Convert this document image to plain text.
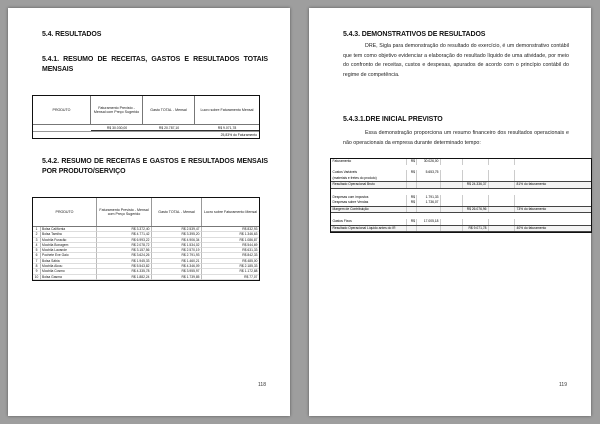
5.4. RESULTADOS
5.4.1. RESUMO DE RECEITAS, GASTOS E RESULTADOS TOTAIS
MENSAIS
PRODUTO
Faturamento Previsto - Mensal com Preço Sugerido
Gasto TOTAL - Mensal	Lucro sobre Faturamento Mensal
R$ 30.030,00	R$ 20.787,10	R$ 9.071,78
25,83%
do Faturamento
5.4.2. RESUMO DE RECEITAS E GASTOS E RESULTADOS MENSAIS
POR PRODUTO/SERVIÇO
PRODUTO
Faturamento Previsto - Mensal com Preço Sugerido
Gasto TOTAL - Mensal	Lucro sobre Faturamento Mensal
1	Bolsa Califórnia	R$ 3.372,40	R$ 2.539,47	R$ 832,93
2	Bolsa Tamiha	R$ 4.771,42	R$ 3.395,20	R$ 1.346,63
3	Mochila Furacão	R$ 6.993,22	R$ 4.906,34	R$ 1.086,87
4	Mochila Bonagem	R$ 2.078,72	R$ 1.534,02	R$ 544,69
5	Mochila Lavande	R$ 3.157,56	R$ 2.570,19	R$ 631,33
6	Pochete Exe Gaio	R$ 3.624,26	R$ 2.791,93	R$ 842,33
7	Bolsa Sábia	R$ 1.945,33	R$ 1.460,21	R$ 485,00
8	Mochila Alcou	R$ 5.543,82	R$ 4.346,09	R$ 2.185,33
9	Mochila Cosmo	R$ 4.335,78	R$ 3.955,97	R$ 1.172,88
10	Bolsa Gasma	R$ 1.882,24	R$ 1.739,85	R$ 77,07
118
5.4.3. DEMONSTRATIVOS DE RESULTADOS
DRE, Sigla para demonstração do resultado do exercício, é um demonstrativo contábil que tem como objetivo evidenciar a elaboração do resultado líquido de uma atividade, por meio do confronto de receitas, custos e despesas, apurados de acordo com o princípio contábil do regime de competência.
5.4.3.1.DRE INICIAL PREVISTO
Essa demonstração proporciona um resumo financeiro dos resultados operacionais e não operacionais da empresa durante determinado tempo:
119
Faturamento	R$	30.026,00
Custos Variáveis	R$	5.653,75
(materiais e fretes do produto)
Resultado Operacional Bruto	R$ 24.336,37	81% do faturamento
Despesas com impostos	R$	1.791,33
Despesas sobre Vendas	R$	1.736,07
Margem de Contribuição	R$ 26.076,96	73% do faturamento
Gastos Fixos	R$	17.005,18
Resultado Operacional Líquido antes do IR	R$ 9.071,78	40% do faturamento
